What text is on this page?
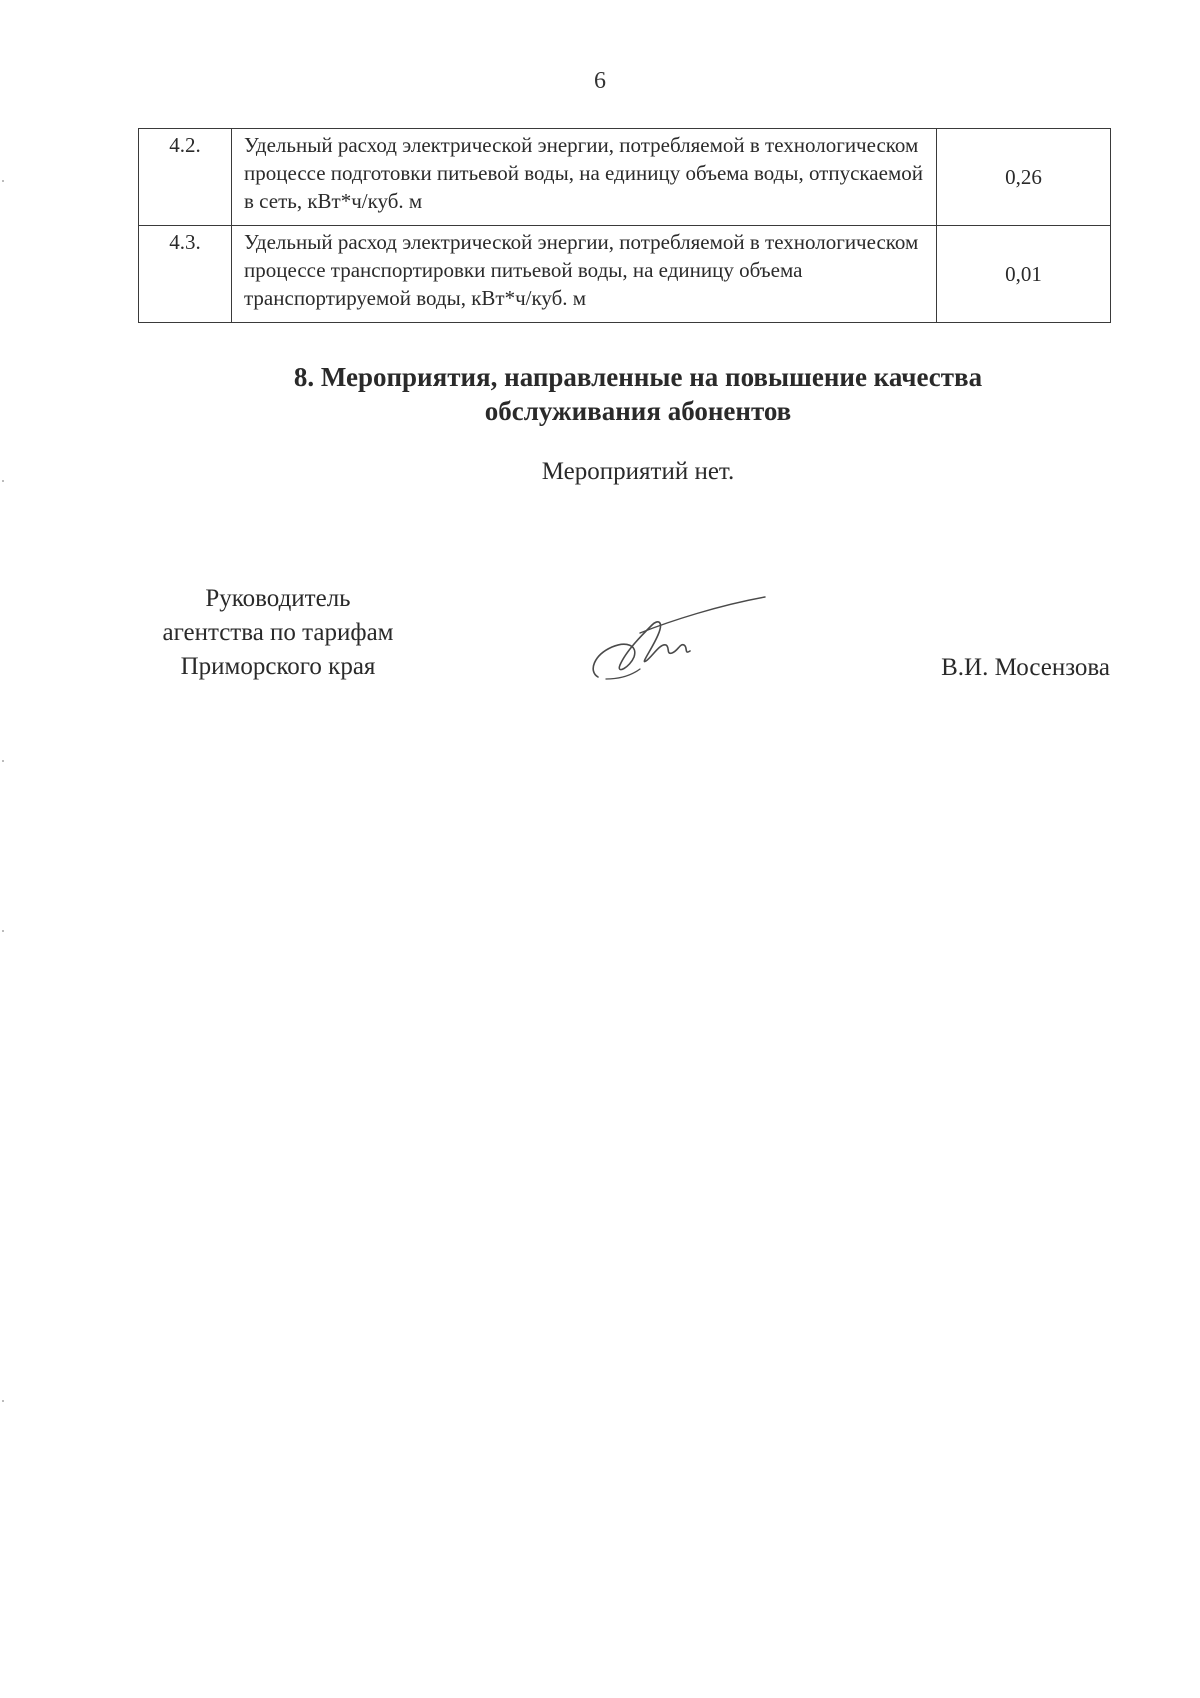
6
4.2.	Удельный расход электрической энергии, потребляемой в технологическом процессе подготовки питьевой воды, на единицу объема воды, отпускаемой в сеть, кВт*ч/куб. м	0,26
4.3.	Удельный расход электрической энергии, потребляемой в технологическом процессе транспортировки питьевой воды, на единицу объема транспортируемой воды, кВт*ч/куб. м	0,01
8. Мероприятия, направленные на повышение качества
обслуживания абонентов
Мероприятий нет.
Руководитель
агентства по тарифам
Приморского края	В.И. Мосензова
